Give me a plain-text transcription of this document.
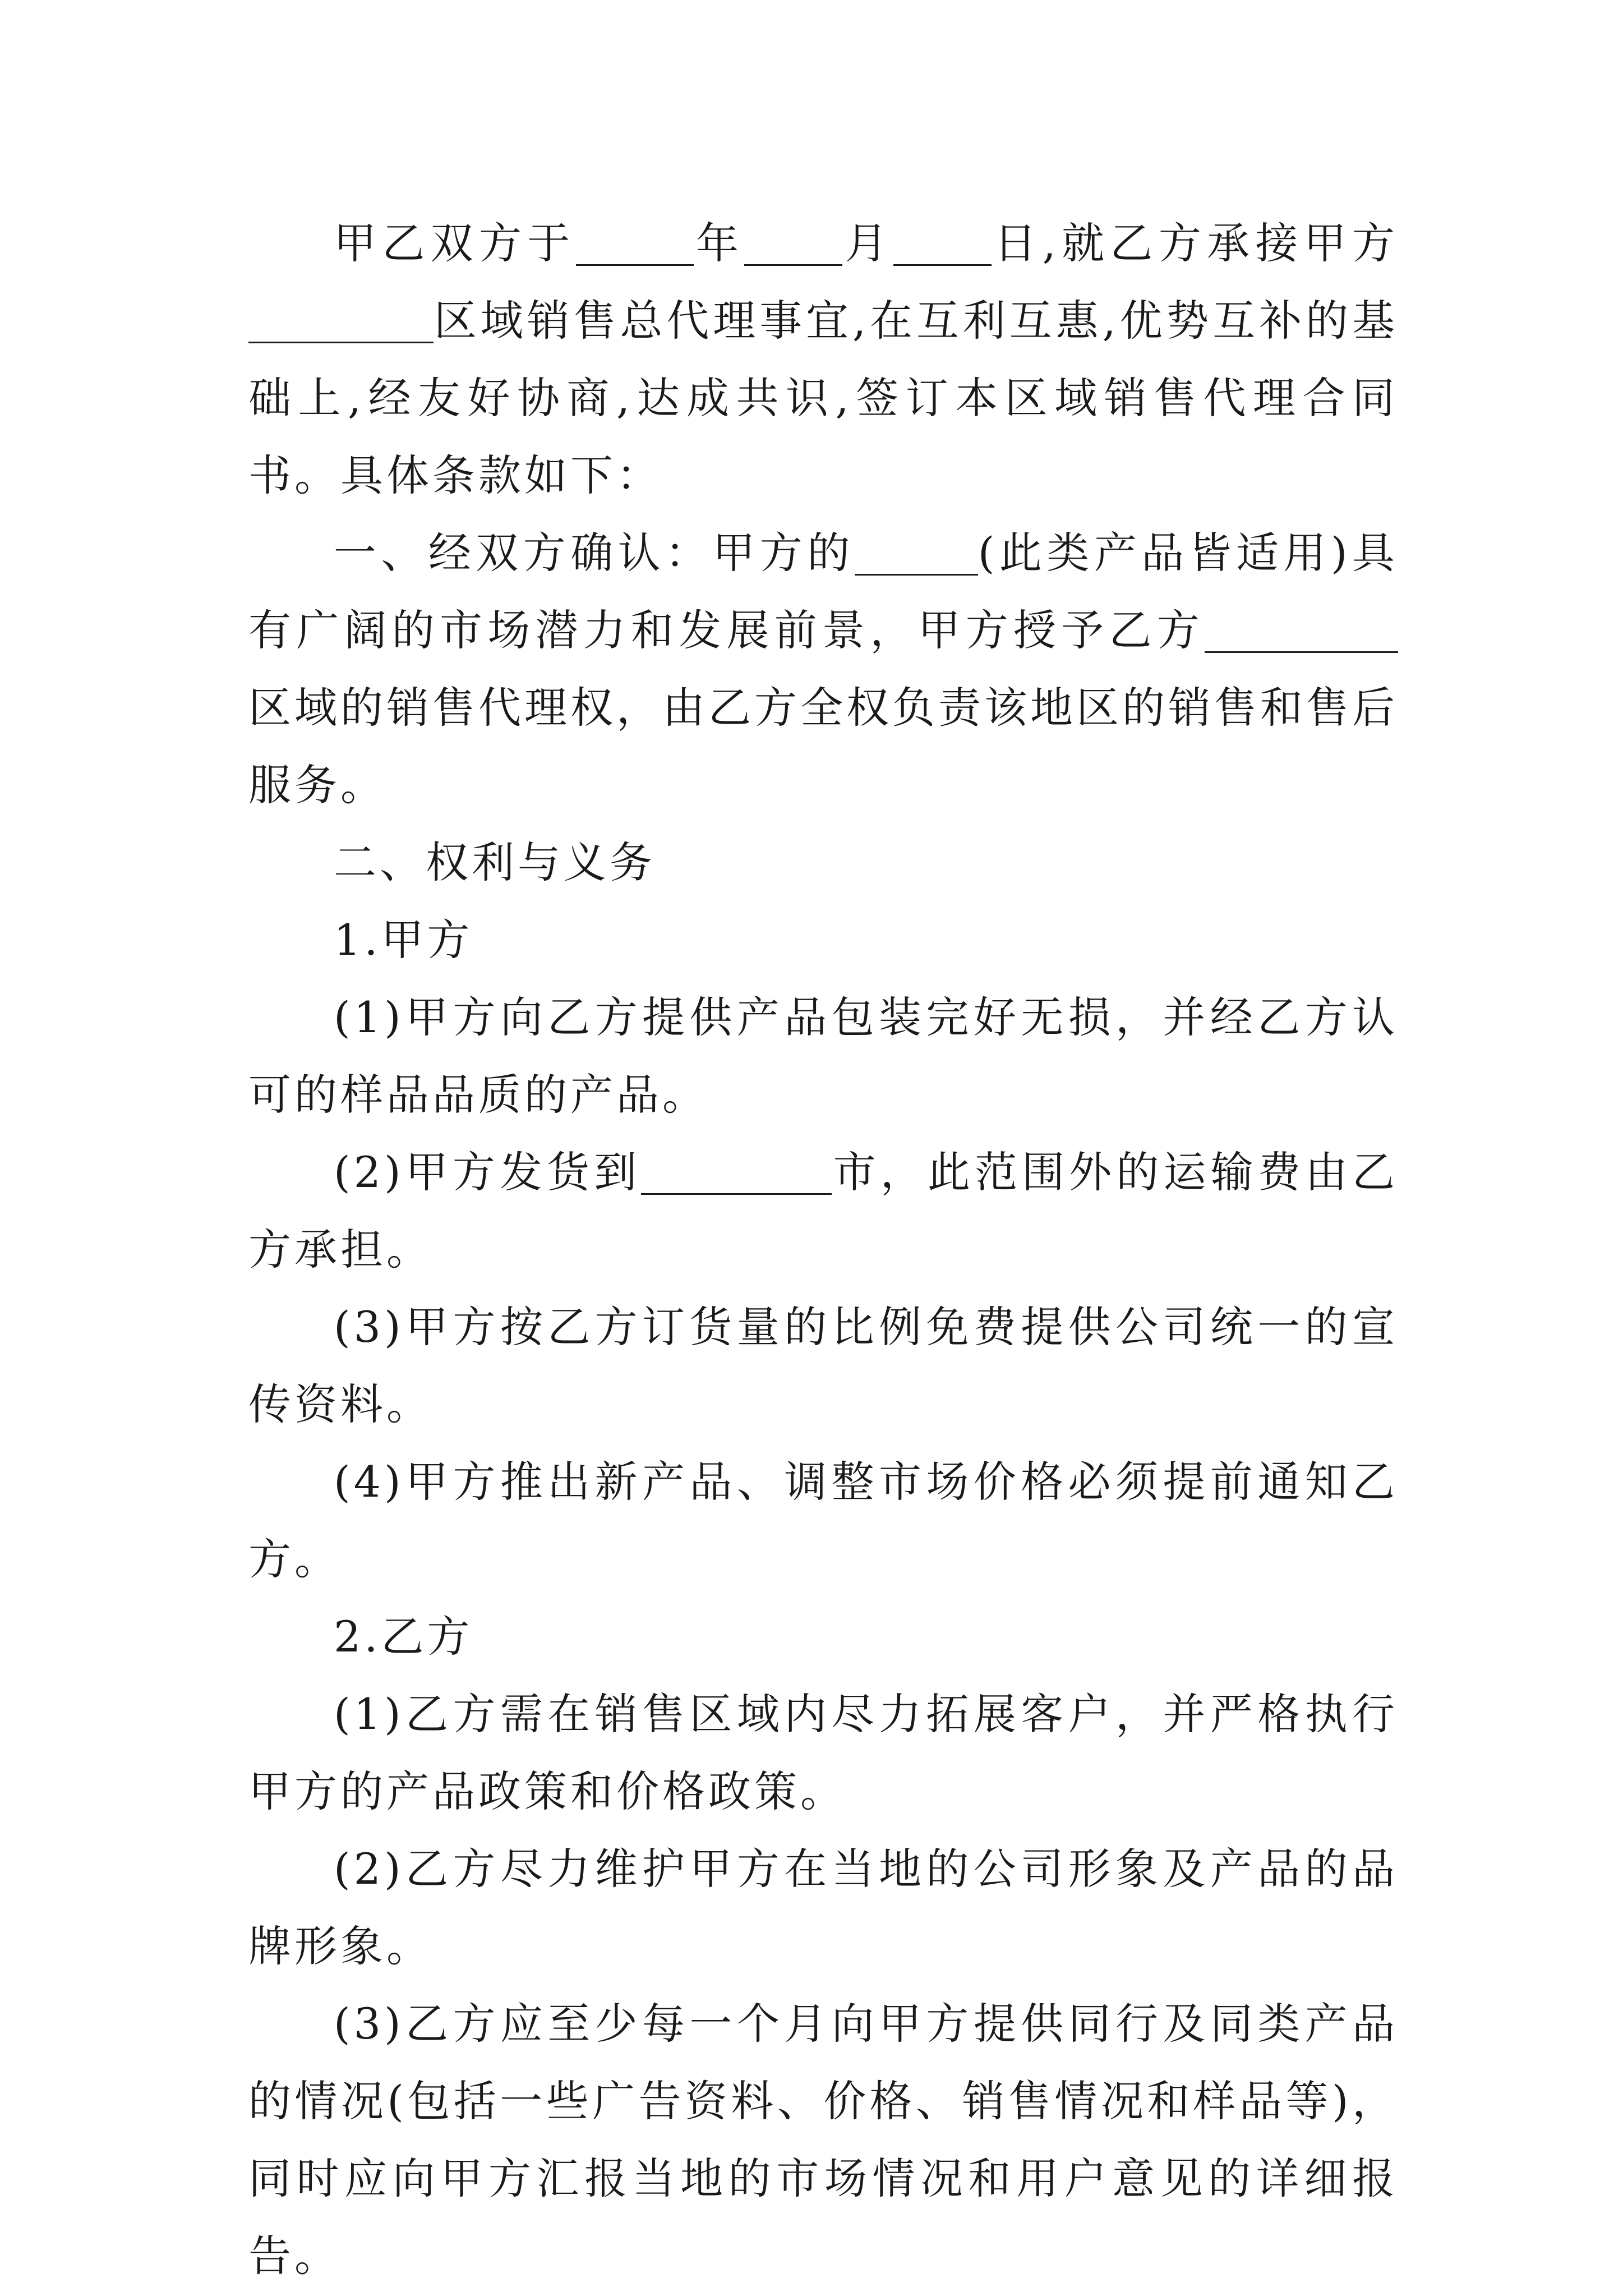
甲乙双方于	年 月 日,就乙方承接甲方区域销售总代理事宜,在互利互惠,优势互补的基础上,经友好协商,达成共识,签订本区域销售代理合同书。具体条款如下：

一、经双方确认：甲方的	(此类产品皆适用)具有广阔的市场潜力和发展前景，甲方授予乙方区域的销售代理权，由乙方全权负责该地区的销售和售后服务。

二、权利与义务

1.甲方

(1)甲方向乙方提供产品包装完好无损，并经乙方认可的样品品质的产品。

(2)甲方发货到	市，此范围外的运输费由乙方承担。

(3)甲方按乙方订货量的比例免费提供公司统一的宣传资料。

(4)甲方推出新产品、调整市场价格必须提前通知乙方。

2.乙方

(1)乙方需在销售区域内尽力拓展客户，并严格执行甲方的产品政策和价格政策。

(2)乙方尽力维护甲方在当地的公司形象及产品的品牌形象。

(3)乙方应至少每一个月向甲方提供同行及同类产品的情况(包括一些广告资料、价格、销售情况和样品等)，同时应向甲方汇报当地的市场情况和用户意见的详细报告。
